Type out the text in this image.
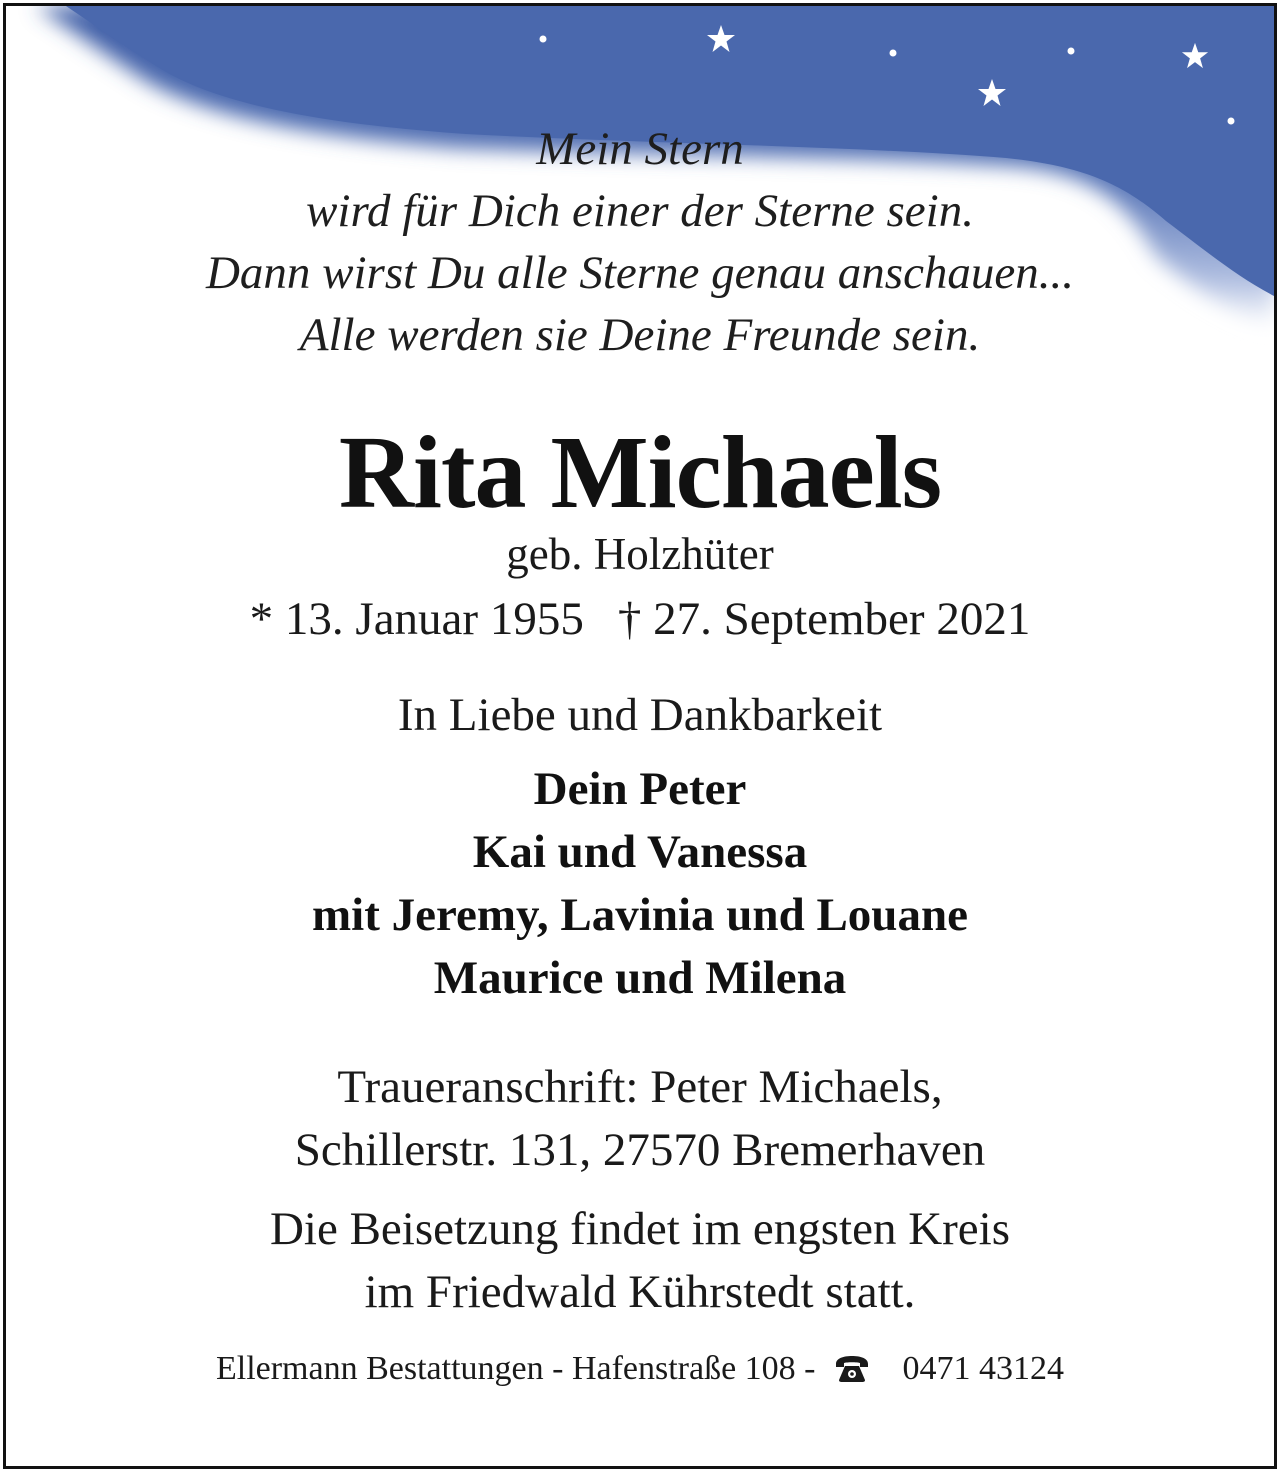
Mein Stern
wird für Dich einer der Sterne sein.
Dann wirst Du alle Sterne genau anschauen...
Alle werden sie Deine Freunde sein.
Rita Michaels
geb. Holzhüter
* 13. Januar 1955 † 27. September 2021
In Liebe und Dankbarkeit
Dein Peter
Kai und Vanessa
mit Jeremy, Lavinia und Louane
Maurice und Milena
Traueranschrift: Peter Michaels,
Schillerstr. 131, 27570 Bremerhaven
Die Beisetzung findet im engsten Kreis
im Friedwald Kührstedt statt.
Ellermann Bestattungen - Hafenstraße 108 -	0471 43124
